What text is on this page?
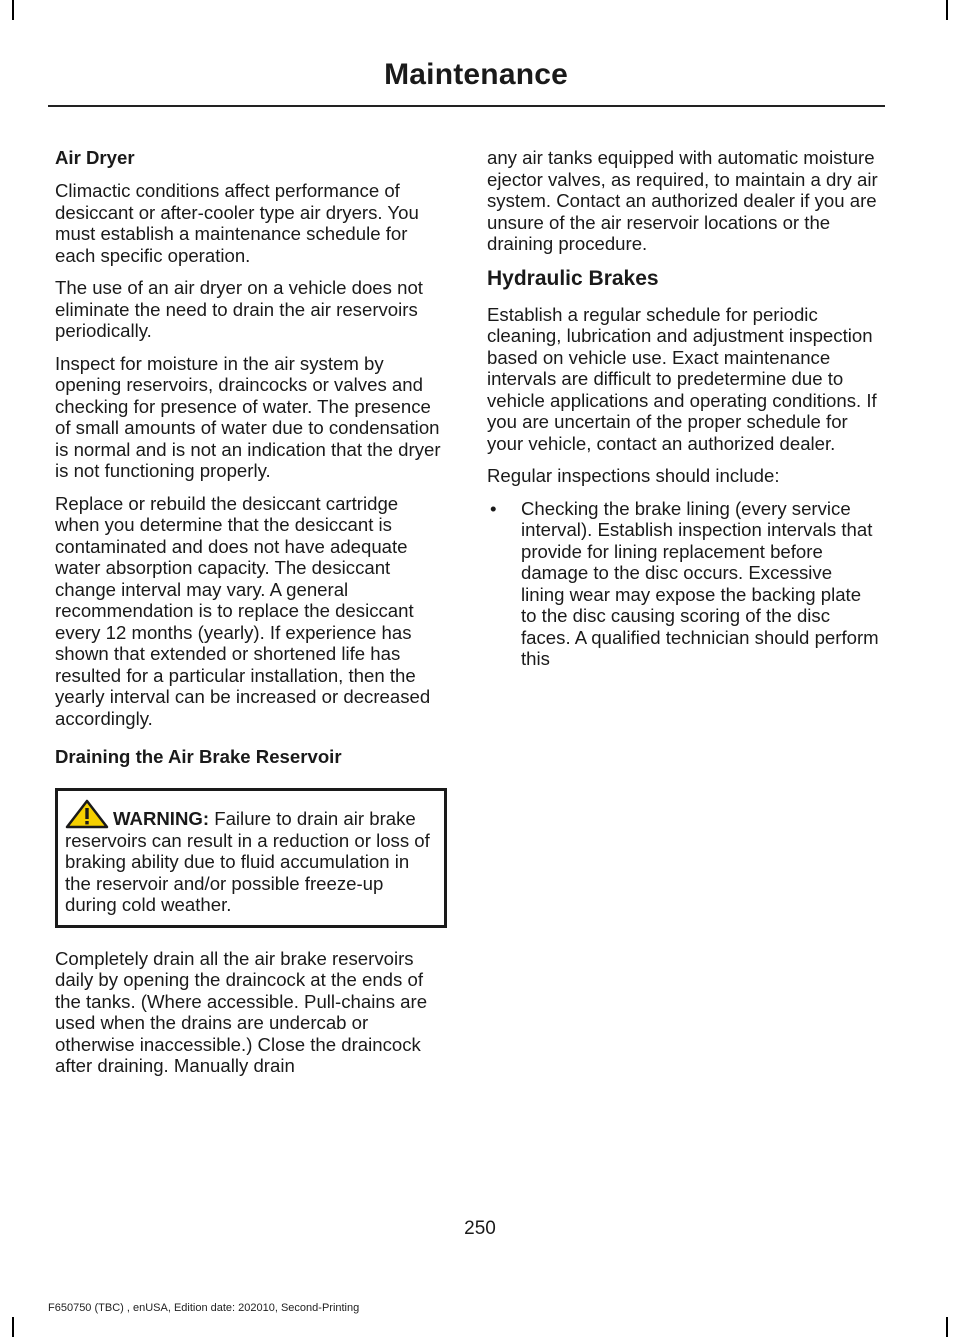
Maintenance
Air Dryer

Climactic conditions affect performance of desiccant or after-cooler type air dryers. You must establish a maintenance schedule for each specific operation.

The use of an air dryer on a vehicle does not eliminate the need to drain the air reservoirs periodically.

Inspect for moisture in the air system by opening reservoirs, draincocks or valves and checking for presence of water. The presence of small amounts of water due to condensation is normal and is not an indication that the dryer is not functioning properly.

Replace or rebuild the desiccant cartridge when you determine that the desiccant is contaminated and does not have adequate water absorption capacity. The desiccant change interval may vary. A general recommendation is to replace the desiccant every 12 months (yearly). If experience has shown that extended or shortened life has resulted for a particular installation, then the yearly interval can be increased or decreased accordingly.

Draining the Air Brake Reservoir
WARNING: Failure to drain air brake reservoirs can result in a reduction or loss of braking ability due to fluid accumulation in the reservoir and/or possible freeze-up during cold weather.

Completely drain all the air brake reservoirs daily by opening the draincock at the ends of the tanks. (Where accessible. Pull-chains are used when the drains are undercab or otherwise inaccessible.) Close the draincock after draining. Manually drain

any air tanks equipped with automatic moisture ejector valves, as required, to maintain a dry air system. Contact an authorized dealer if you are unsure of the air reservoir locations or the draining procedure.

Hydraulic Brakes

Establish a regular schedule for periodic cleaning, lubrication and adjustment inspection based on vehicle use. Exact maintenance intervals are difficult to predetermine due to vehicle applications and operating conditions. If you are uncertain of the proper schedule for your vehicle, contact an authorized dealer.

Regular inspections should include:

• Checking the brake lining (every service interval). Establish inspection intervals that provide for lining replacement before damage to the disc occurs. Excessive lining wear may expose the backing plate to the disc causing scoring of the disc faces. A qualified technician should perform this
250
F650750 (TBC) , enUSA, Edition date: 202010, Second-Printing
